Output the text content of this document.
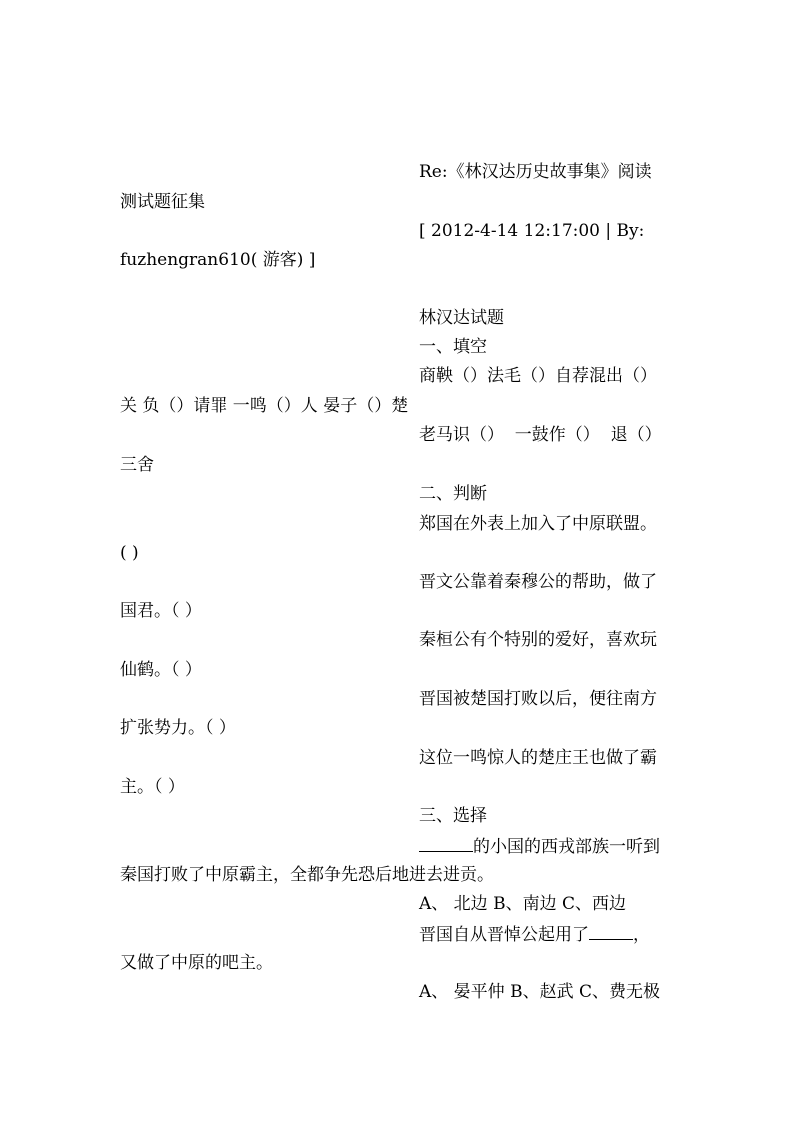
Re:《林汉达历史故事集》阅读
测试题征集
[ 2012-4-14 12:17:00 | By:
fuzhengran610( 游客) ]
林汉达试题
一、填空
商鞅（）法毛（）自荐混出（）
关 负（）请罪 一鸣（）人 晏子（）楚
老马识（）  一鼓作（）  退（）
三舍
二、判断
郑国在外表上加入了中原联盟。
( )
晋文公靠着秦穆公的帮助，做了
国君。（ ）
秦桓公有个特别的爱好，喜欢玩
仙鹤。（ ）
晋国被楚国打败以后，便往南方
扩张势力。（ ）
这位一鸣惊人的楚庄王也做了霸
主。（ ）
三、选择
的小国的西戎部族一听到
秦国打败了中原霸主，全都争先恐后地进去进贡。
A、 北边 B、南边 C、西边
晋国自从晋悼公起用了	，
又做了中原的吧主。
A、 晏平仲 B、赵武 C、费无极
